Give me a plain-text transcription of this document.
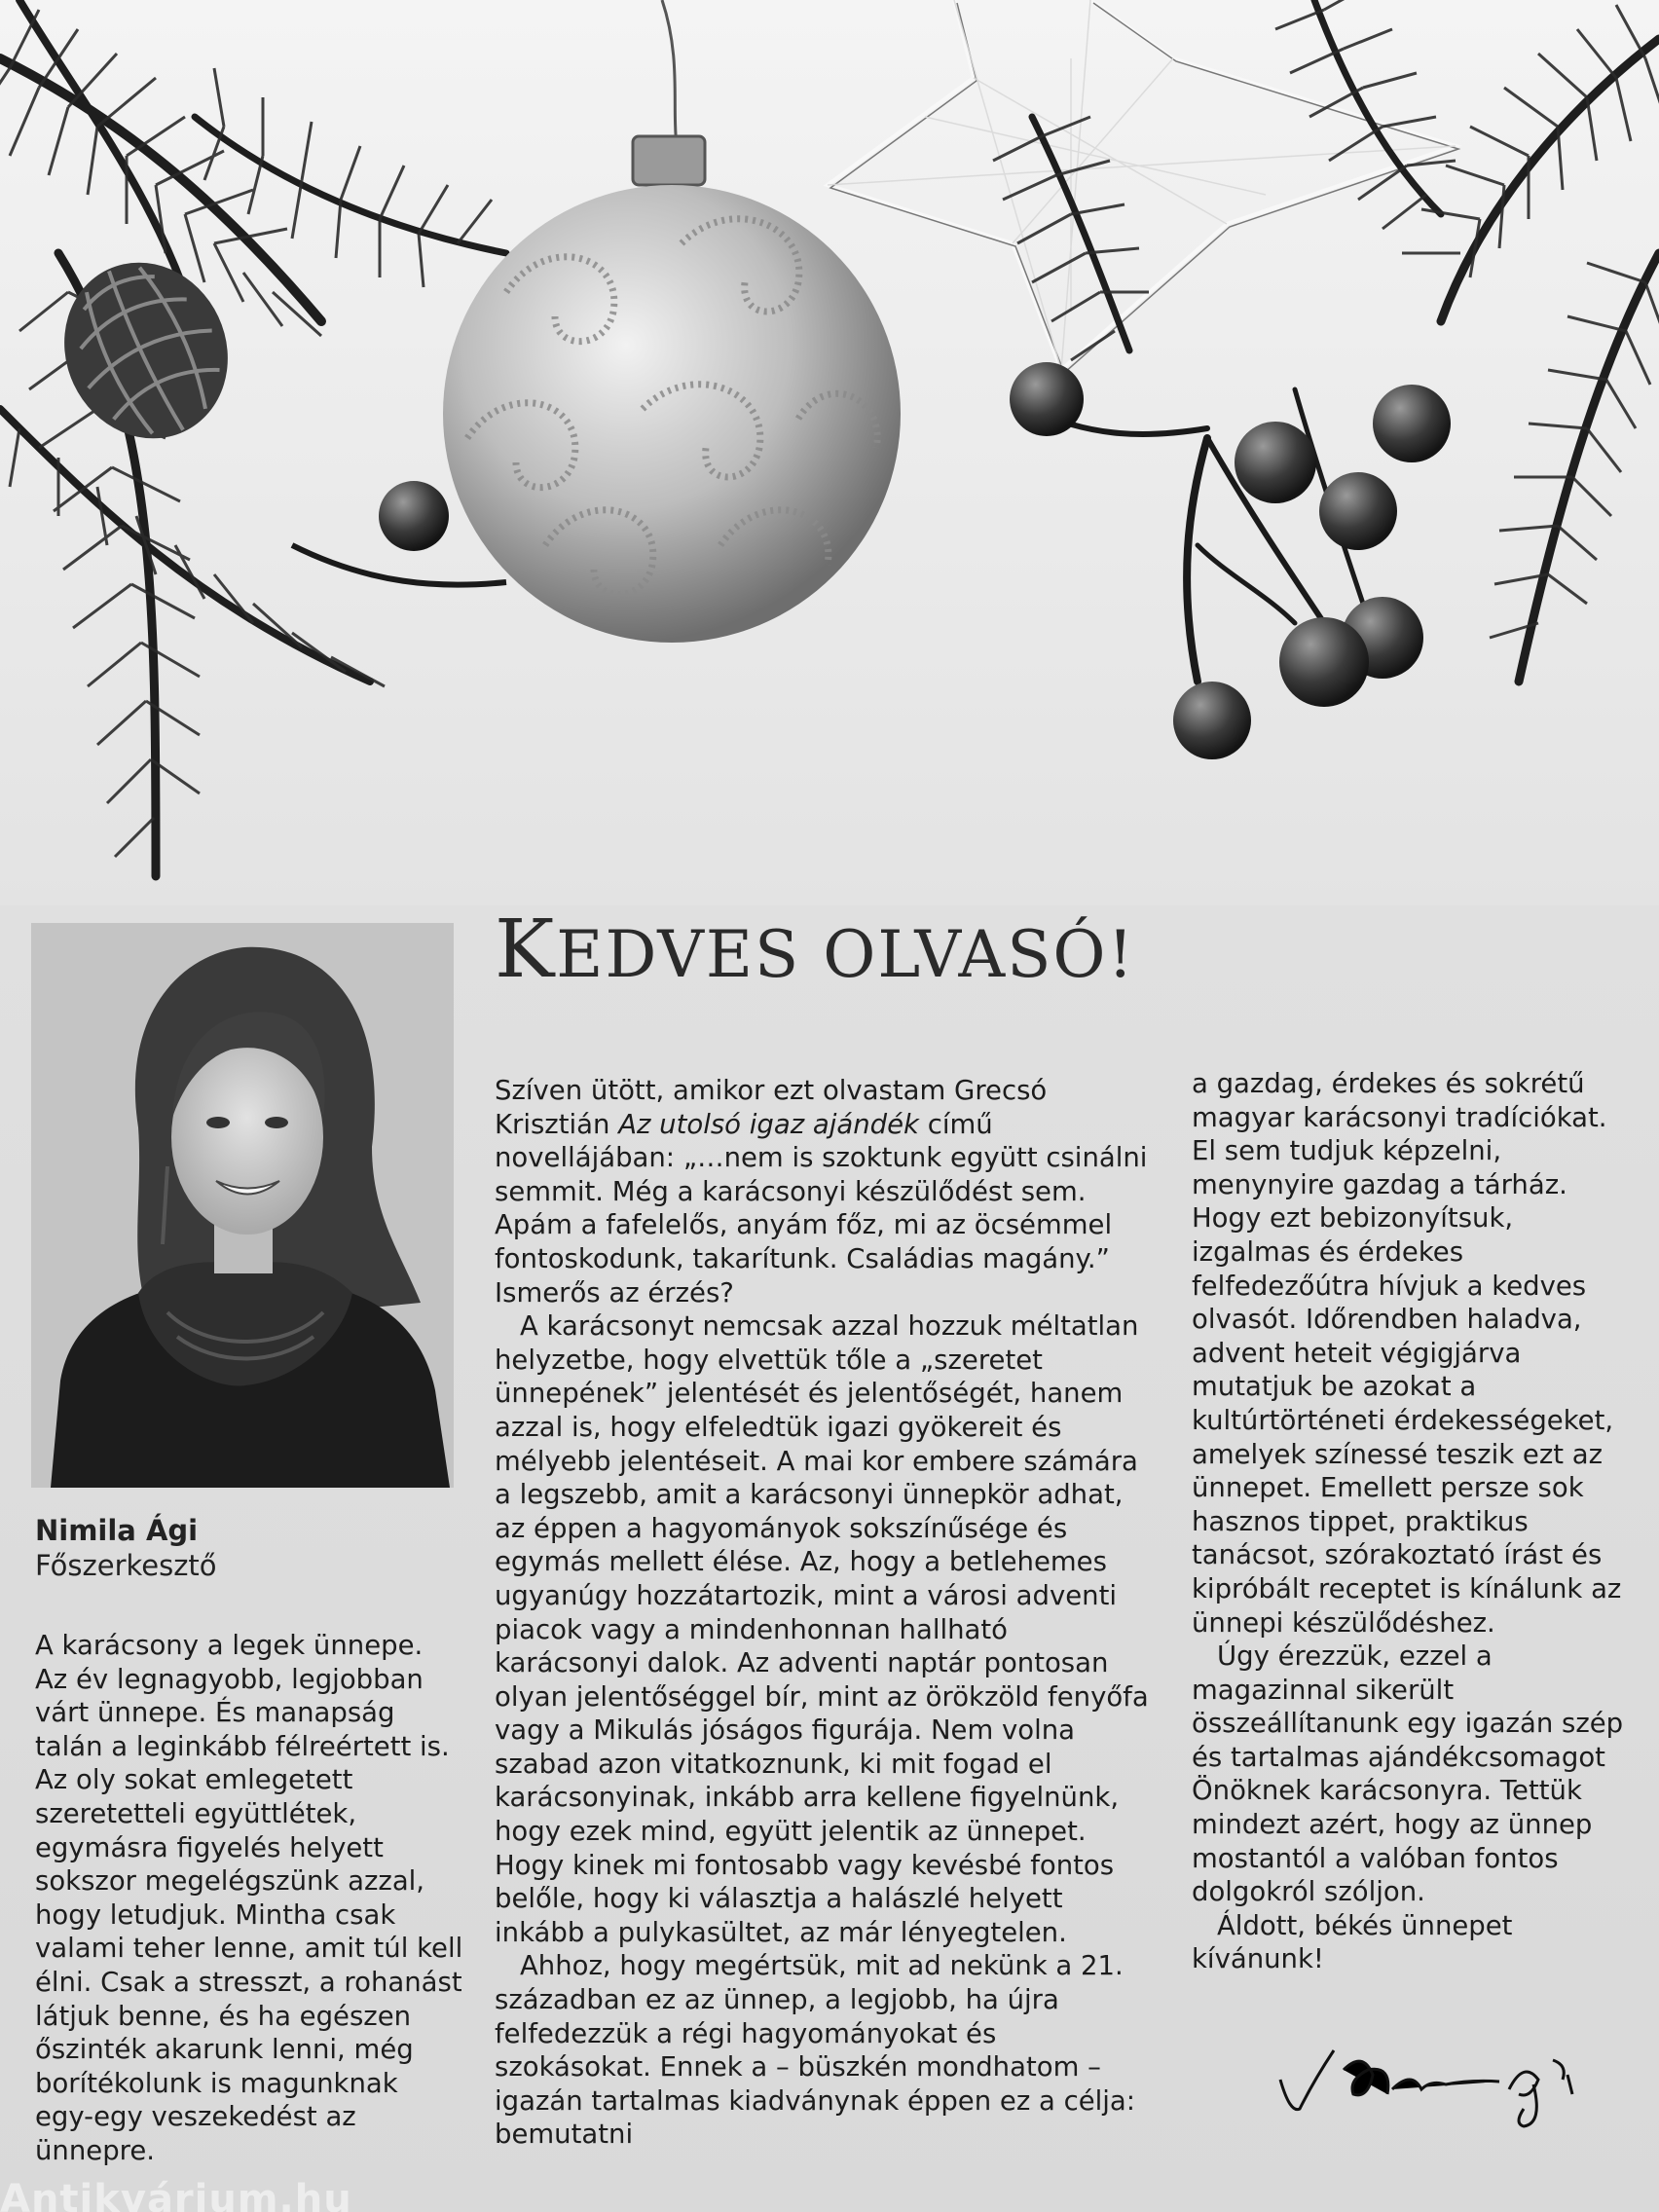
Nimila Ági
Főszerkesztő
KEDVES OLVASÓ!

A karácsony a legek ünnepe. Az év legnagyobb, legjobban várt ünnepe. És manapság talán a leginkább félreértett is. Az oly sokat emlegetett szeretetteli együttlétek, egymásra figyelés helyett sokszor megelégszünk azzal, hogy letudjuk. Mintha csak valami teher lenne, amit túl kell élni. Csak a stresszt, a rohanást látjuk benne, és ha egészen őszinték akarunk lenni, még borítékolunk is magunknak egy-egy veszekedést az ünnepre.

Szíven ütött, amikor ezt olvastam Grecsó Krisztián Az utolsó igaz ajándék című novellájában: „…nem is szoktunk együtt csinálni semmit. Még a karácsonyi készülődést sem. Apám a fafelelős, anyám főz, mi az öcsémmel fontoskodunk, takarítunk. Családias magány.” Ismerős az érzés?

A karácsonyt nemcsak azzal hozzuk méltatlan helyzetbe, hogy elvettük tőle a „szeretet ünnepének” jelentését és jelentőségét, hanem azzal is, hogy elfeledtük igazi gyökereit és mélyebb jelentéseit. A mai kor embere számára a legszebb, amit a karácsonyi ünnepkör adhat, az éppen a hagyományok sokszínűsége és egymás mellett élése. Az, hogy a betlehemes ugyanúgy hozzátartozik, mint a városi adventi piacok vagy a mindenhonnan hallható karácsonyi dalok. Az adventi naptár pontosan olyan jelentőséggel bír, mint az örökzöld fenyőfa vagy a Mikulás jóságos figurája. Nem volna szabad azon vitatkoznunk, ki mit fogad el karácsonyinak, inkább arra kellene figyelnünk, hogy ezek mind, együtt jelentik az ünnepet. Hogy kinek mi fontosabb vagy kevésbé fontos belőle, hogy ki választja a halászlé helyett inkább a pulykasültet, az már lényegtelen.

Ahhoz, hogy megértsük, mit ad nekünk a 21. században ez az ünnep, a legjobb, ha újra felfedezzük a régi hagyományokat és szokásokat. Ennek a – büszkén mondhatom – igazán tartalmas kiadványnak éppen ez a célja: bemutatni

a gazdag, érdekes és sokrétű magyar karácsonyi tradíciókat. El sem tudjuk képzelni, menynyire gazdag a tárház. Hogy ezt bebizonyítsuk, izgalmas és érdekes felfedezőútra hívjuk a kedves olvasót. Időrendben haladva, advent heteit végigjárva mutatjuk be azokat a kultúrtörténeti érdekességeket, amelyek színessé teszik ezt az ünnepet. Emellett persze sok hasznos tippet, praktikus tanácsot, szórakoztató írást és kipróbált receptet is kínálunk az ünnepi készülődéshez.

Úgy érezzük, ezzel a magazinnal sikerült összeállítanunk egy igazán szép és tartalmas ajándékcsomagot Önöknek karácsonyra. Tettük mindezt azért, hogy az ünnep mostantól a valóban fontos dolgokról szóljon.

Áldott, békés ünnepet kívánunk!

Antikvárium.hu
